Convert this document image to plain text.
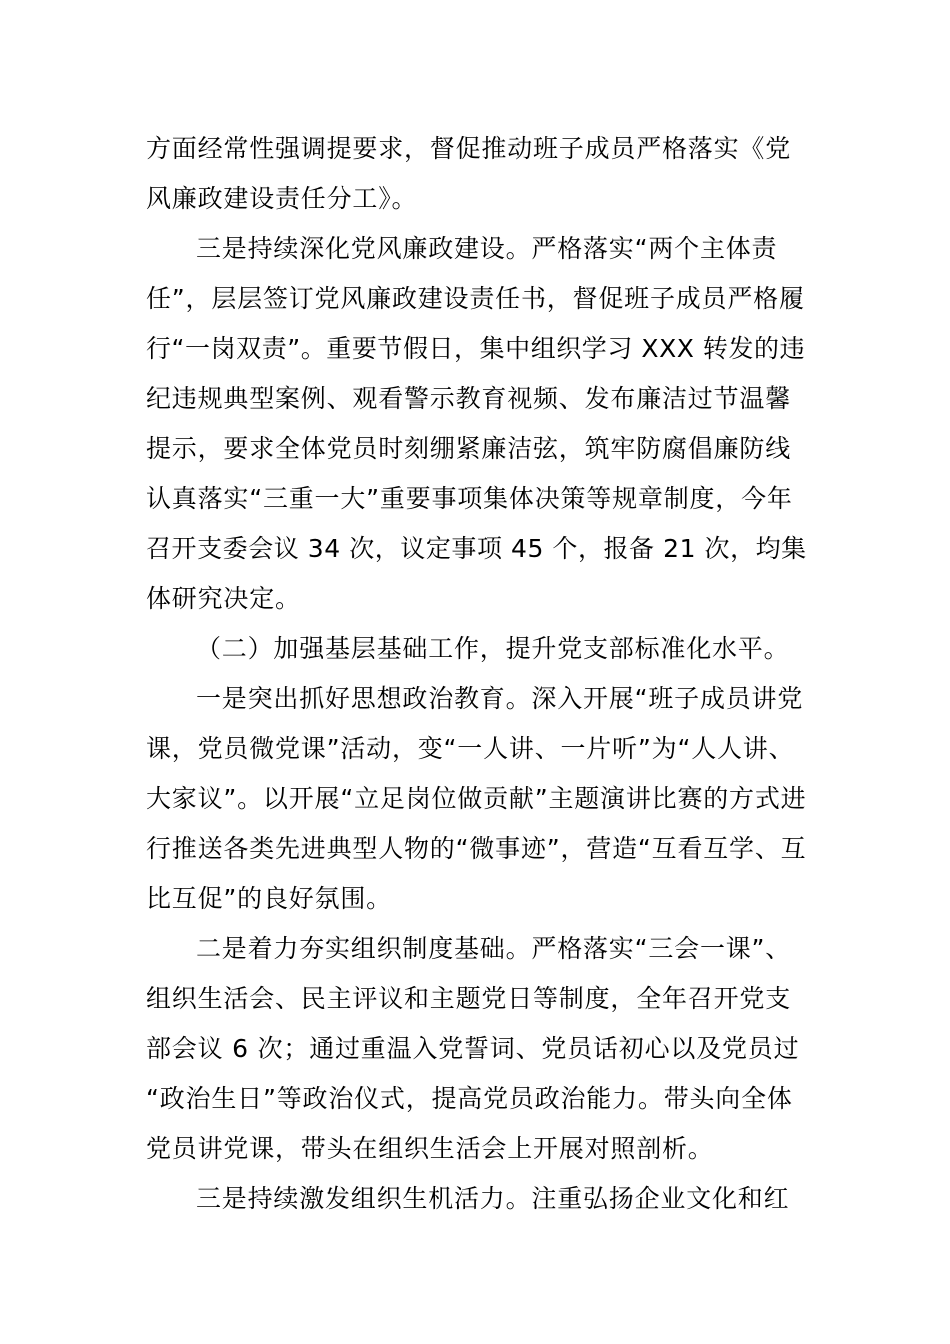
方面经常性强调提要求，督促推动班子成员严格落实《党
风廉政建设责任分工》。
三是持续深化党风廉政建设。严格落实“两个主体责
任”，层层签订党风廉政建设责任书，督促班子成员严格履
行“一岗双责”。重要节假日，集中组织学习 XXX 转发的违
纪违规典型案例、观看警示教育视频、发布廉洁过节温馨
提示，要求全体党员时刻绷紧廉洁弦，筑牢防腐倡廉防线
认真落实“三重一大”重要事项集体决策等规章制度，今年
召开支委会议 34 次，议定事项 45 个，报备 21 次，均集
体研究决定。
（二）加强基层基础工作，提升党支部标准化水平。
一是突出抓好思想政治教育。深入开展“班子成员讲党
课，党员微党课”活动，变“一人讲、一片听”为“人人讲、
大家议”。以开展“立足岗位做贡献”主题演讲比赛的方式进
行推送各类先进典型人物的“微事迹”，营造“互看互学、互
比互促”的良好氛围。
二是着力夯实组织制度基础。严格落实“三会一课”、
组织生活会、民主评议和主题党日等制度，全年召开党支
部会议 6 次；通过重温入党誓词、党员话初心以及党员过
“政治生日”等政治仪式，提高党员政治能力。带头向全体
党员讲党课，带头在组织生活会上开展对照剖析。
三是持续激发组织生机活力。注重弘扬企业文化和红
